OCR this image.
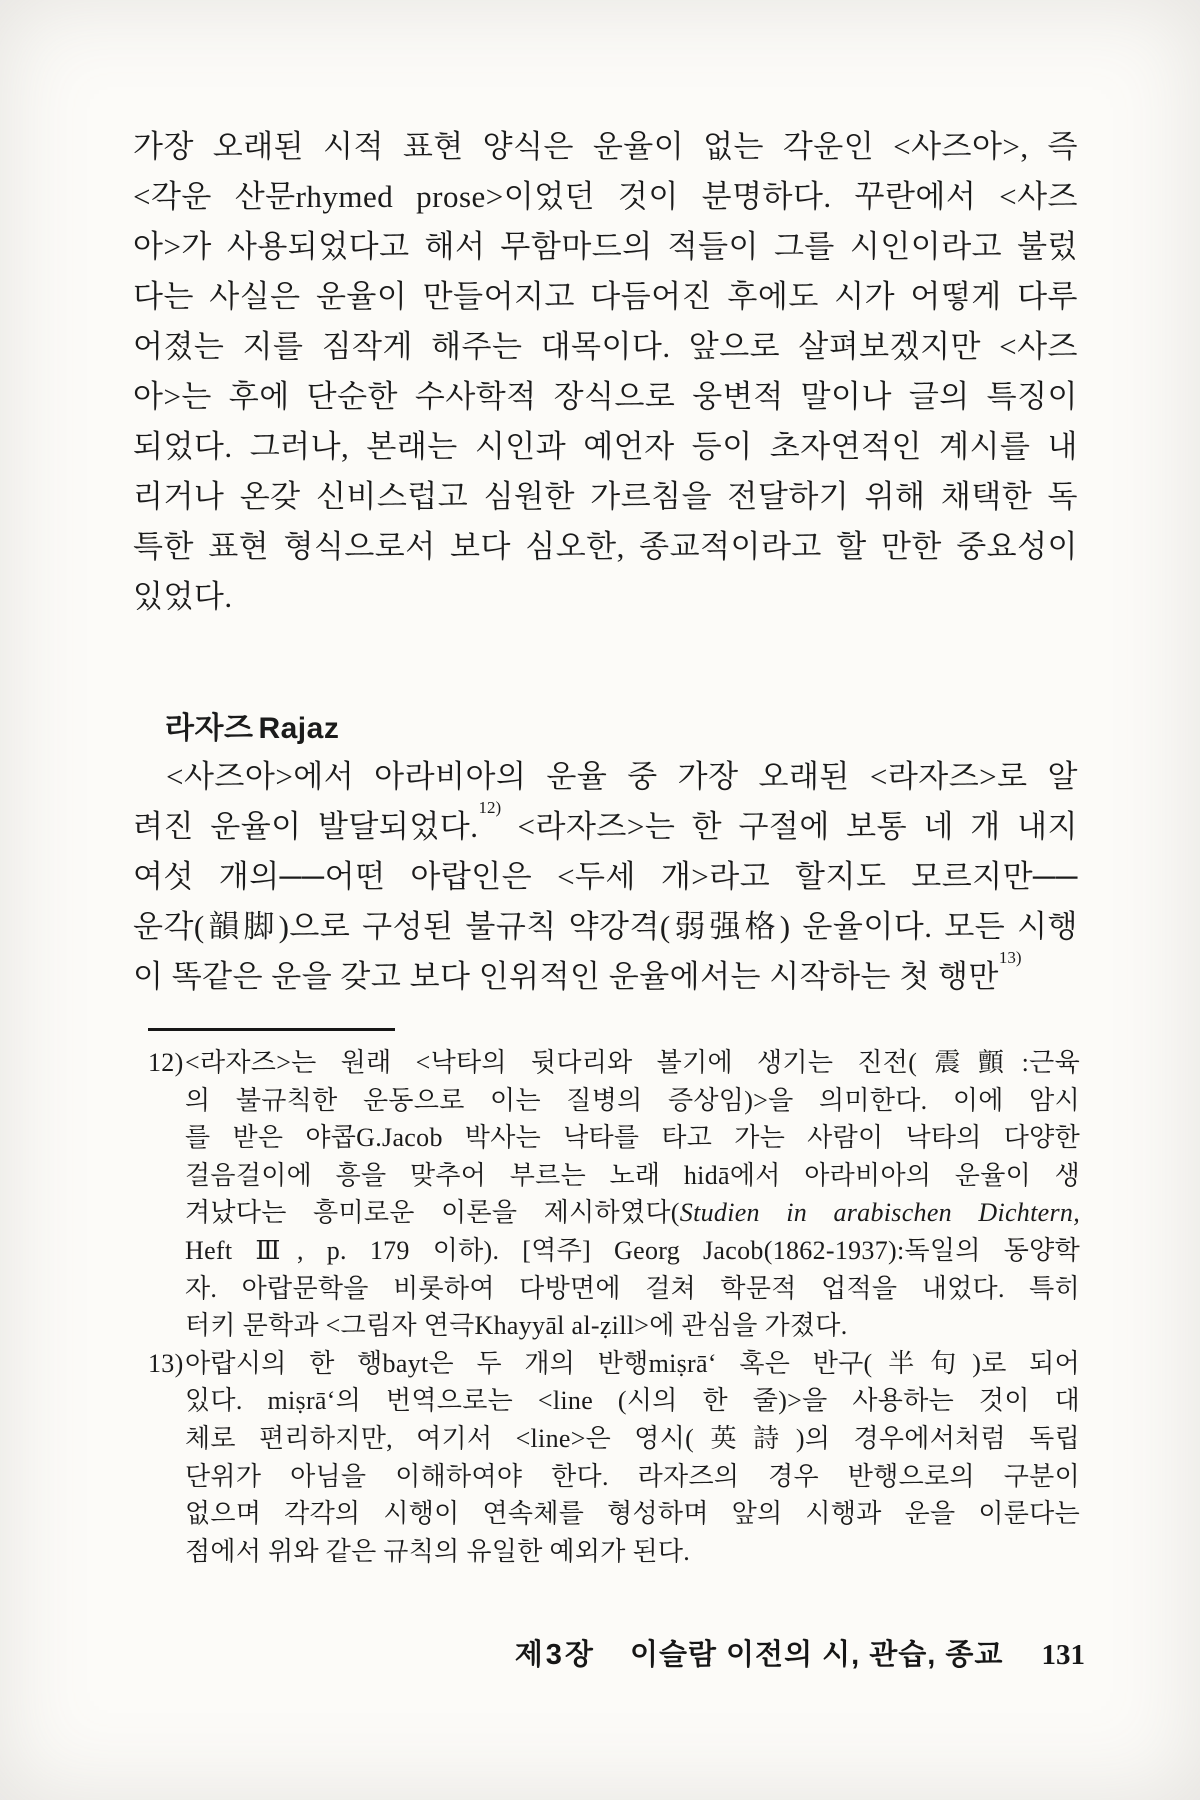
가장 오래된 시적 표현 양식은 운율이 없는 각운인 <사즈아>, 즉
<각운 산문rhymed prose>이었던 것이 분명하다. 꾸란에서 <사즈
아>가 사용되었다고 해서 무함마드의 적들이 그를 시인이라고 불렀
다는 사실은 운율이 만들어지고 다듬어진 후에도 시가 어떻게 다루
어졌는 지를 짐작게 해주는 대목이다. 앞으로 살펴보겠지만 <사즈
아>는 후에 단순한 수사학적 장식으로 웅변적 말이나 글의 특징이
되었다. 그러나, 본래는 시인과 예언자 등이 초자연적인 계시를 내
리거나 온갖 신비스럽고 심원한 가르침을 전달하기 위해 채택한 독
특한 표현 형식으로서 보다 심오한, 종교적이라고 할 만한 중요성이
있었다.
라자즈 Rajaz
<사즈아>에서 아라비아의 운율 중 가장 오래된 <라자즈>로 알
려진 운율이 발달되었다.$^{12)}$ <라자즈>는 한 구절에 보통 네 개 내지
여섯 개의──어떤 아랍인은 <두세 개>라고 할지도 모르지만──
운각(韻脚)으로 구성된 불규칙 약강격(弱强格) 운율이다. 모든 시행
이 똑같은 운을 갖고 보다 인위적인 운율에서는 시작하는 첫 행만$^{13)}$
12)<라자즈>는 원래 <낙타의 뒷다리와 볼기에 생기는 진전(震顫:근육
의 불규칙한 운동으로 이는 질병의 증상임)>을 의미한다. 이에 암시
를 받은 야콥G.Jacob 박사는 낙타를 타고 가는 사람이 낙타의 다양한
걸음걸이에 흥을 맞추어 부르는 노래 hidā에서 아라비아의 운율이 생
겨났다는 흥미로운 이론을 제시하였다(Studien in arabischen Dichtern,
Heft Ⅲ, p. 179 이하). [역주] Georg Jacob(1862-1937):독일의 동양학
자. 아랍문학을 비롯하여 다방면에 걸쳐 학문적 업적을 내었다. 특히
터키 문학과 <그림자 연극Khayyāl al-ẓill>에 관심을 가졌다.
13)아랍시의 한 행bayt은 두 개의 반행miṣrā‘ 혹은 반구(半句)로 되어
있다. miṣrā‘의 번역으로는 <line (시의 한 줄)>을 사용하는 것이 대
체로 편리하지만, 여기서 <line>은 영시(英詩)의 경우에서처럼 독립
단위가 아님을 이해하여야 한다. 라자즈의 경우 반행으로의 구분이
없으며 각각의 시행이 연속체를 형성하며 앞의 시행과 운을 이룬다는
점에서 위와 같은 규칙의 유일한 예외가 된다.
제3장 이슬람 이전의 시, 관습, 종교 131
